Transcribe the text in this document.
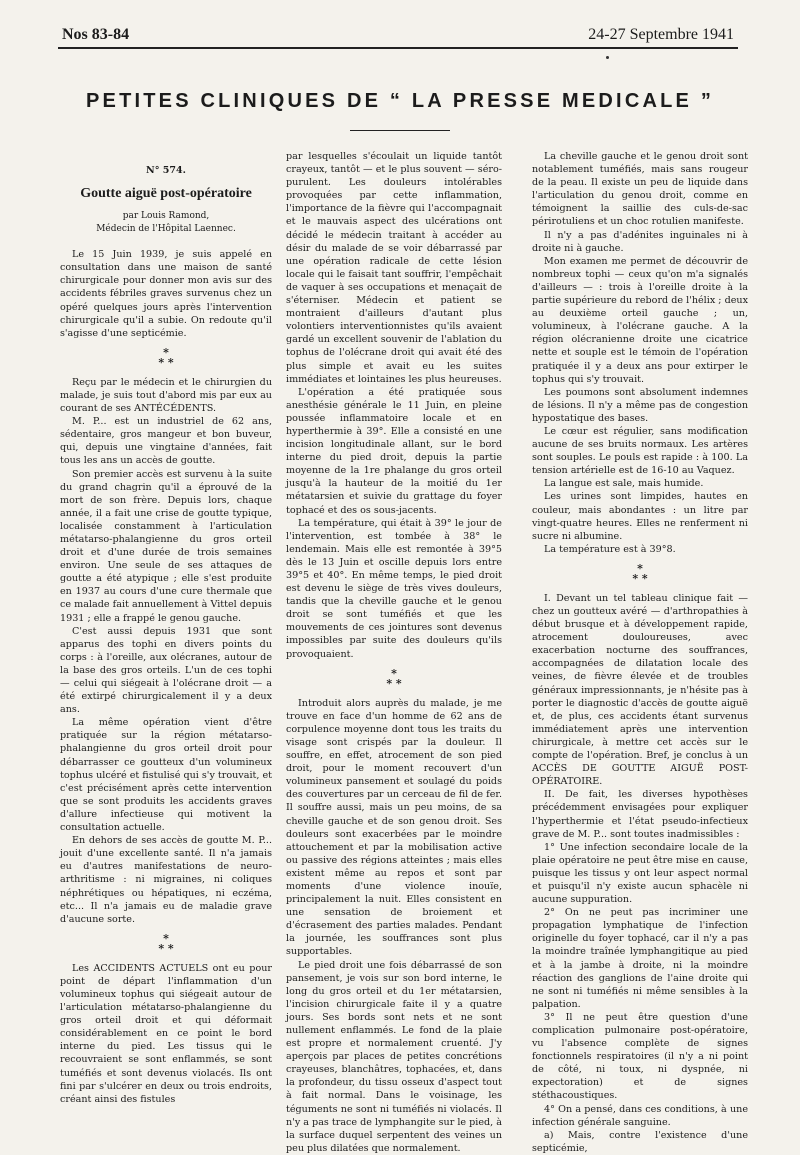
Nos 83-84	24-27 Septembre 1941
PETITES CLINIQUES DE “ LA PRESSE MEDICALE ”
N° 574.
Goutte aiguë post-opératoire
par Louis Ramond,
Médecin de l'Hôpital Laennec.

Le 15 Juin 1939, je suis appelé en consultation dans une maison de santé chirurgicale pour donner mon avis sur des accidents fébriles graves survenus chez un opéré quelques jours après l'intervention chirurgicale qu'il a subie. On redoute qu'il s'agisse d'une septicémie.

*
* *

Reçu par le médecin et le chirurgien du malade, je suis tout d'abord mis par eux au courant de ses ANTÉCÉDENTS.

M. P... est un industriel de 62 ans, sédentaire, gros mangeur et bon buveur, qui, depuis une vingtaine d'années, fait tous les ans un accès de goutte.

Son premier accès est survenu à la suite du grand chagrin qu'il a éprouvé de la mort de son frère. Depuis lors, chaque année, il a fait une crise de goutte typique, localisée constamment à l'articulation métatarso-phalangienne du gros orteil droit et d'une durée de trois semaines environ. Une seule de ses attaques de goutte a été atypique ; elle s'est produite en 1937 au cours d'une cure thermale que ce malade fait annuellement à Vittel depuis 1931 ; elle a frappé le genou gauche.

C'est aussi depuis 1931 que sont apparus des tophi en divers points du corps : à l'oreille, aux olécranes, autour de la base des gros orteils. L'un de ces tophi — celui qui siégeait à l'olécrane droit — a été extirpé chirurgicalement il y a deux ans.

La même opération vient d'être pratiquée sur la région métatarso-phalangienne du gros orteil droit pour débarrasser ce goutteux d'un volumineux tophus ulcéré et fistulisé qui s'y trouvait, et c'est précisément après cette intervention que se sont produits les accidents graves d'allure infectieuse qui motivent la consultation actuelle.

En dehors de ses accès de goutte M. P... jouit d'une excellente santé. Il n'a jamais eu d'autres manifestations de neuro-arthritisme : ni migraines, ni coliques néphrétiques ou hépatiques, ni eczéma, etc... Il n'a jamais eu de maladie grave d'aucune sorte.

*
* *

Les ACCIDENTS ACTUELS ont eu pour point de départ l'inflammation d'un volumineux tophus qui siégeait autour de l'articulation métatarso-phalangienne du gros orteil droit et qui déformait considérablement en ce point le bord interne du pied. Les tissus qui le recouvraient se sont enflammés, se sont tuméfiés et sont devenus violacés. Ils ont fini par s'ulcérer en deux ou trois endroits, créant ainsi des fistules

par lesquelles s'écoulait un liquide tantôt crayeux, tantôt — et le plus souvent — séro-purulent. Les douleurs intolérables provoquées par cette inflammation, l'importance de la fièvre qui l'accompagnait et le mauvais aspect des ulcérations ont décidé le médecin traitant à accéder au désir du malade de se voir débarrassé par une opération radicale de cette lésion locale qui le faisait tant souffrir, l'empêchait de vaquer à ses occupations et menaçait de s'éterniser. Médecin et patient se montraient d'ailleurs d'autant plus volontiers interventionnistes qu'ils avaient gardé un excellent souvenir de l'ablation du tophus de l'olécrane droit qui avait été des plus simple et avait eu les suites immédiates et lointaines les plus heureuses.

L'opération a été pratiquée sous anesthésie générale le 11 Juin, en pleine poussée inflammatoire locale et en hyperthermie à 39°. Elle a consisté en une incision longitudinale allant, sur le bord interne du pied droit, depuis la partie moyenne de la 1re phalange du gros orteil jusqu'à la hauteur de la moitié du 1er métatarsien et suivie du grattage du foyer tophacé et des os sous-jacents.

La température, qui était à 39° le jour de l'intervention, est tombée à 38° le lendemain. Mais elle est remontée à 39°5 dès le 13 Juin et oscille depuis lors entre 39°5 et 40°. En même temps, le pied droit est devenu le siège de très vives douleurs, tandis que la cheville gauche et le genou droit se sont tuméfiés et que les mouvements de ces jointures sont devenus impossibles par suite des douleurs qu'ils provoquaient.

*
* *

Introduit alors auprès du malade, je me trouve en face d'un homme de 62 ans de corpulence moyenne dont tous les traits du visage sont crispés par la douleur. Il souffre, en effet, atrocement de son pied droit, pour le moment recouvert d'un volumineux pansement et soulagé du poids des couvertures par un cerceau de fil de fer. Il souffre aussi, mais un peu moins, de sa cheville gauche et de son genou droit. Ses douleurs sont exacerbées par le moindre attouchement et par la mobilisation active ou passive des régions atteintes ; mais elles existent même au repos et sont par moments d'une violence inouïe, principalement la nuit. Elles consistent en une sensation de broiement et d'écrasement des parties malades. Pendant la journée, les souffrances sont plus supportables.

Le pied droit une fois débarrassé de son pansement, je vois sur son bord interne, le long du gros orteil et du 1er métatarsien, l'incision chirurgicale faite il y a quatre jours. Ses bords sont nets et ne sont nullement enflammés. Le fond de la plaie est propre et normalement cruenté. J'y aperçois par places de petites concrétions crayeuses, blanchâtres, tophacées, et, dans la profondeur, du tissu osseux d'aspect tout à fait normal. Dans le voisinage, les téguments ne sont ni tuméfiés ni violacés. Il n'y a pas trace de lymphangite sur le pied, à la surface duquel serpentent des veines un peu plus dilatées que normalement.

La cheville gauche et le genou droit sont notablement tuméfiés, mais sans rougeur de la peau. Il existe un peu de liquide dans l'articulation du genou droit, comme en témoignent la saillie des culs-de-sac périrotuliens et un choc rotulien manifeste.

Il n'y a pas d'adénites inguinales ni à droite ni à gauche.

Mon examen me permet de découvrir de nombreux tophi — ceux qu'on m'a signalés d'ailleurs — : trois à l'oreille droite à la partie supérieure du rebord de l'hélix ; deux au deuxième orteil gauche ; un, volumineux, à l'olécrane gauche. A la région olécranienne droite une cicatrice nette et souple est le témoin de l'opération pratiquée il y a deux ans pour extirper le tophus qui s'y trouvait.

Les poumons sont absolument indemnes de lésions. Il n'y a même pas de congestion hypostatique des bases.

Le cœur est régulier, sans modification aucune de ses bruits normaux. Les artères sont souples. Le pouls est rapide : à 100. La tension artérielle est de 16-10 au Vaquez.

La langue est sale, mais humide.

Les urines sont limpides, hautes en couleur, mais abondantes : un litre par vingt-quatre heures. Elles ne renferment ni sucre ni albumine.

La température est à 39°8.

*
* *

I. Devant un tel tableau clinique fait — chez un goutteux avéré — d'arthropathies à début brusque et à développement rapide, atrocement douloureuses, avec exacerbation nocturne des souffrances, accompagnées de dilatation locale des veines, de fièvre élevée et de troubles généraux impressionnants, je n'hésite pas à porter le diagnostic d'accès de goutte aiguë et, de plus, ces accidents étant survenus immédiatement après une intervention chirurgicale, à mettre cet accès sur le compte de l'opération. Bref, je conclus à un ACCÈS DE GOUTTE AIGUË POST-OPÉRATOIRE.

II. De fait, les diverses hypothèses précédemment envisagées pour expliquer l'hyperthermie et l'état pseudo-infectieux grave de M. P... sont toutes inadmissibles :

1° Une infection secondaire locale de la plaie opératoire ne peut être mise en cause, puisque les tissus y ont leur aspect normal et puisqu'il n'y existe aucun sphacèle ni aucune suppuration.

2° On ne peut pas incriminer une propagation lymphatique de l'infection originelle du foyer tophacé, car il n'y a pas la moindre traînée lymphangitique au pied et à la jambe à droite, ni la moindre réaction des ganglions de l'aine droite qui ne sont ni tuméfiés ni même sensibles à la palpation.

3° Il ne peut être question d'une complication pulmonaire post-opératoire, vu l'absence complète de signes fonctionnels respiratoires (il n'y a ni point de côté, ni toux, ni dyspnée, ni expectoration) et de signes stéthacoustiques.

4° On a pensé, dans ces conditions, à une infection générale sanguine.

a) Mais, contre l'existence d'une septicémie,
